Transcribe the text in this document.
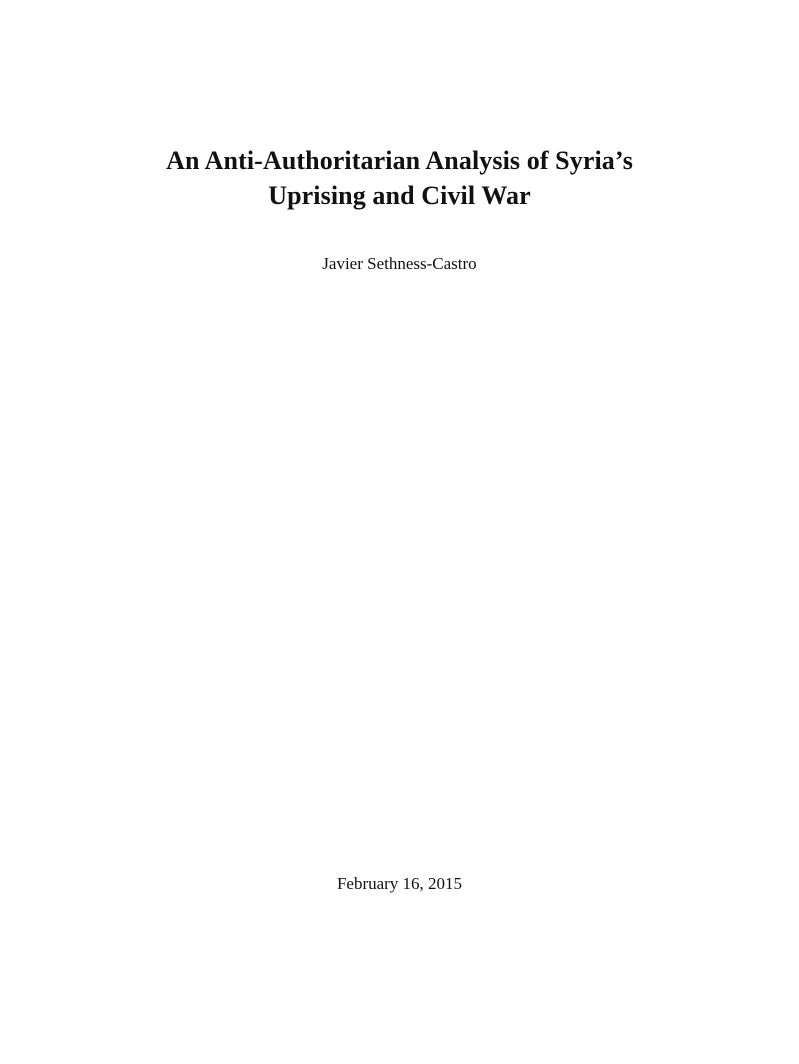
An Anti-Authoritarian Analysis of Syria’s
Uprising and Civil War
Javier Sethness-Castro
February 16, 2015
